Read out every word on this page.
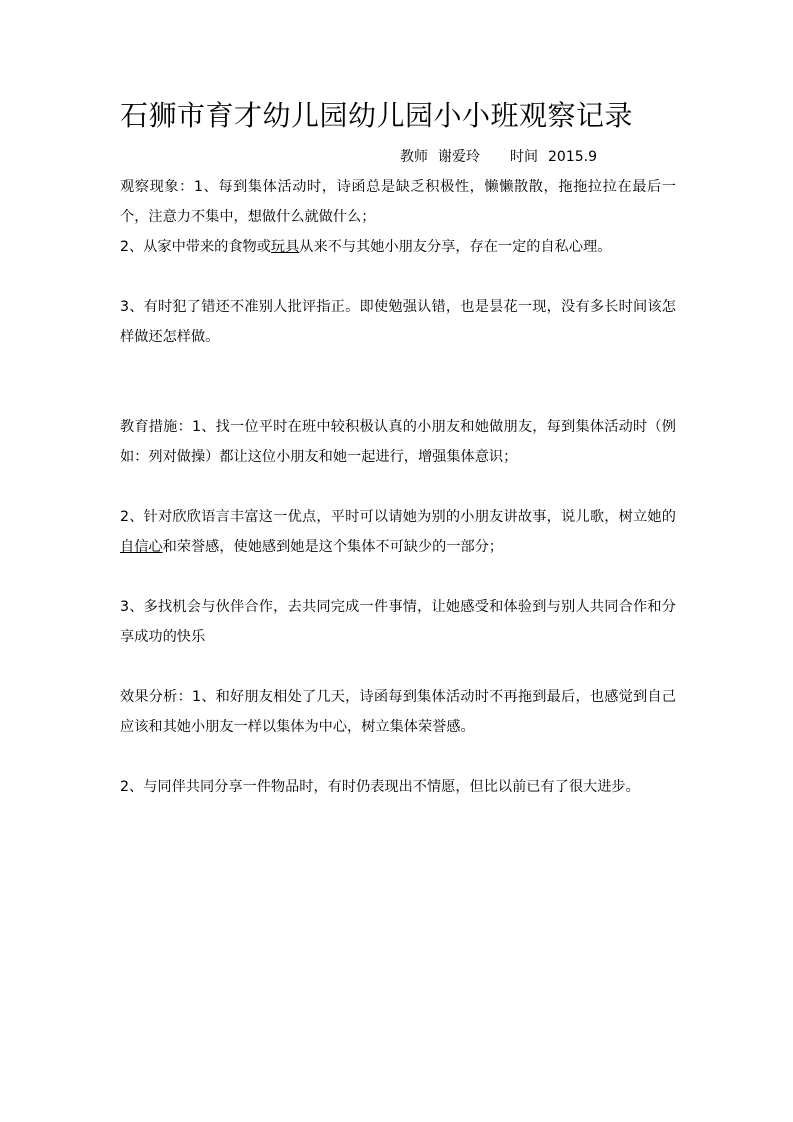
石狮市育才幼儿园幼儿园小小班观察记录
教师 谢爱玲 时间 2015.9
观察现象：1、每到集体活动时，诗函总是缺乏积极性，懒懒散散，拖拖拉拉在最后一个，注意力不集中，想做什么就做什么；
2、从家中带来的食物或玩具从来不与其她小朋友分享，存在一定的自私心理。
3、有时犯了错还不准别人批评指正。即使勉强认错，也是昙花一现，没有多长时间该怎样做还怎样做。
教育措施：1、找一位平时在班中较积极认真的小朋友和她做朋友，每到集体活动时（例如：列对做操）都让这位小朋友和她一起进行，增强集体意识；
2、针对欣欣语言丰富这一优点，平时可以请她为别的小朋友讲故事，说儿歌，树立她的自信心和荣誉感，使她感到她是这个集体不可缺少的一部分；
3、多找机会与伙伴合作，去共同完成一件事情，让她感受和体验到与别人共同合作和分享成功的快乐
效果分析：1、和好朋友相处了几天，诗函每到集体活动时不再拖到最后，也感觉到自己应该和其她小朋友一样以集体为中心，树立集体荣誉感。
2、与同伴共同分享一件物品时，有时仍表现出不情愿，但比以前已有了很大进步。
